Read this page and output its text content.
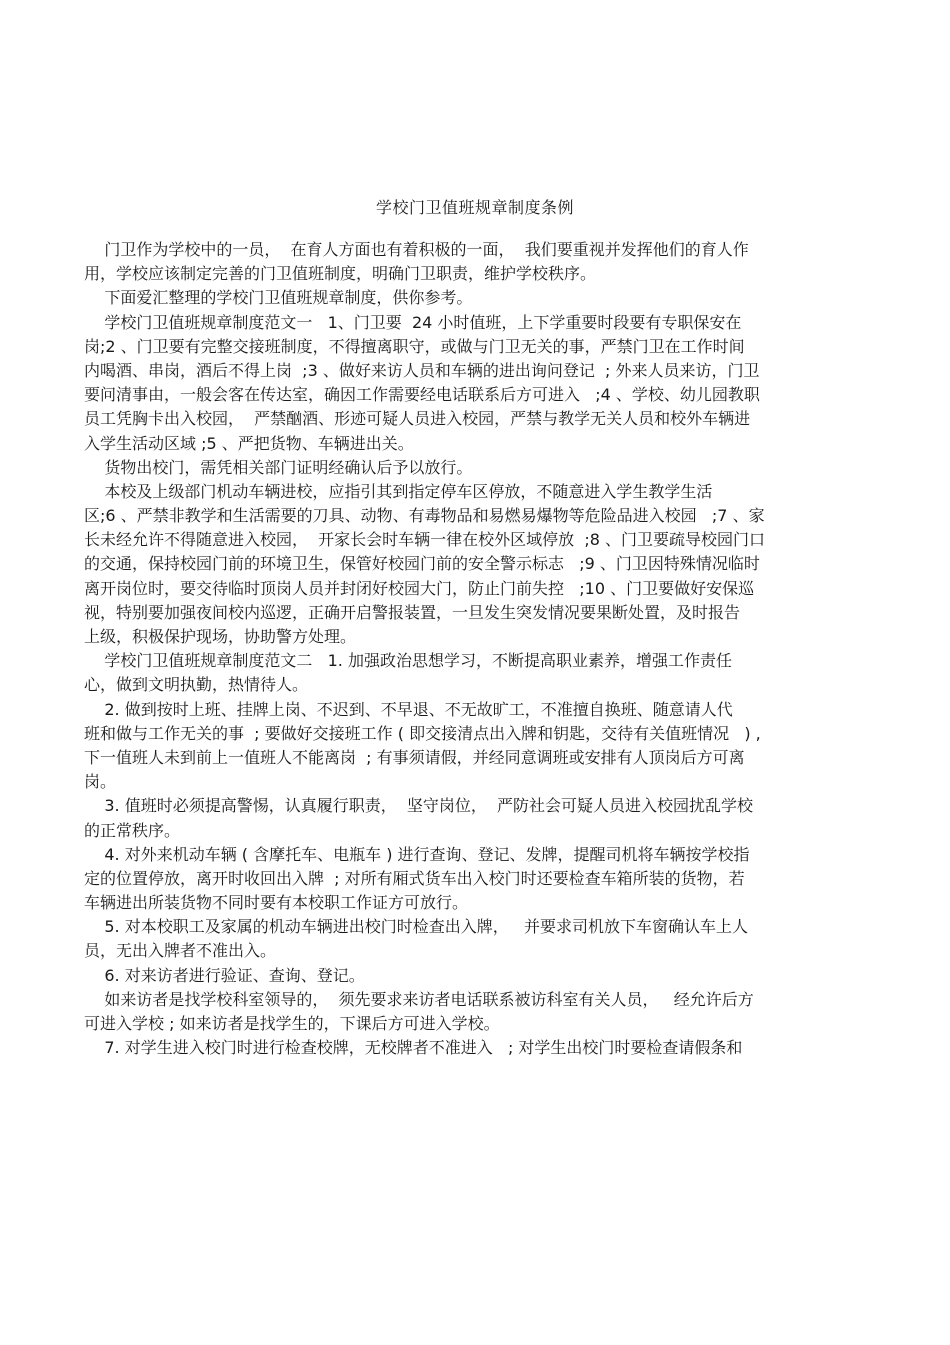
学校门卫值班规章制度条例
门卫作为学校中的一员，  在育人方面也有着积极的一面，  我们要重视并发挥他们的育人作
用，学校应该制定完善的门卫值班制度，明确门卫职责，维护学校秩序。
下面爱汇整理的学校门卫值班规章制度，供你参考。
学校门卫值班规章制度范文一   1、门卫要  24 小时值班，上下学重要时段要有专职保安在
岗;2 、门卫要有完整交接班制度，不得擅离职守，或做与门卫无关的事，严禁门卫在工作时间
内喝酒、串岗，酒后不得上岗  ;3 、做好来访人员和车辆的进出询问登记  ; 外来人员来访，门卫
要问清事由，一般会客在传达室，确因工作需要经电话联系后方可进入   ;4 、学校、幼儿园教职
员工凭胸卡出入校园，  严禁酗酒、形迹可疑人员进入校园，严禁与教学无关人员和校外车辆进
入学生活动区域 ;5 、严把货物、车辆进出关。
货物出校门，需凭相关部门证明经确认后予以放行。
本校及上级部门机动车辆进校，应指引其到指定停车区停放，不随意进入学生教学生活
区;6 、严禁非教学和生活需要的刀具、动物、有毒物品和易燃易爆物等危险品进入校园   ;7 、家
长未经允许不得随意进入校园，  开家长会时车辆一律在校外区域停放  ;8 、门卫要疏导校园门口
的交通，保持校园门前的环境卫生，保管好校园门前的安全警示标志   ;9 、门卫因特殊情况临时
离开岗位时，要交待临时顶岗人员并封闭好校园大门，防止门前失控   ;10 、门卫要做好安保巡
视，特别要加强夜间校内巡逻，正确开启警报装置，一旦发生突发情况要果断处置，及时报告
上级，积极保护现场，协助警方处理。
学校门卫值班规章制度范文二   1. 加强政治思想学习，不断提高职业素养，增强工作责任
心，做到文明执勤，热情待人。
2. 做到按时上班、挂牌上岗、不迟到、不早退、不无故旷工，不准擅自换班、随意请人代
班和做与工作无关的事  ; 要做好交接班工作 ( 即交接清点出入牌和钥匙，交待有关值班情况   ) ,
下一值班人未到前上一值班人不能离岗  ; 有事须请假，并经同意调班或安排有人顶岗后方可离
岗。
3. 值班时必须提高警惕，认真履行职责，  坚守岗位，  严防社会可疑人员进入校园扰乱学校
的正常秩序。
4. 对外来机动车辆 ( 含摩托车、电瓶车 ) 进行查询、登记、发牌，提醒司机将车辆按学校指
定的位置停放，离开时收回出入牌  ; 对所有厢式货车出入校门时还要检查车箱所装的货物，若
车辆进出所装货物不同时要有本校职工作证方可放行。
5. 对本校职工及家属的机动车辆进出校门时检查出入牌，   并要求司机放下车窗确认车上人
员，无出入牌者不准出入。
6. 对来访者进行验证、查询、登记。
如来访者是找学校科室领导的，  须先要求来访者电话联系被访科室有关人员，   经允许后方
可进入学校 ; 如来访者是找学生的，下课后方可进入学校。
7. 对学生进入校门时进行检查校牌，无校牌者不准进入   ; 对学生出校门时要检查请假条和
